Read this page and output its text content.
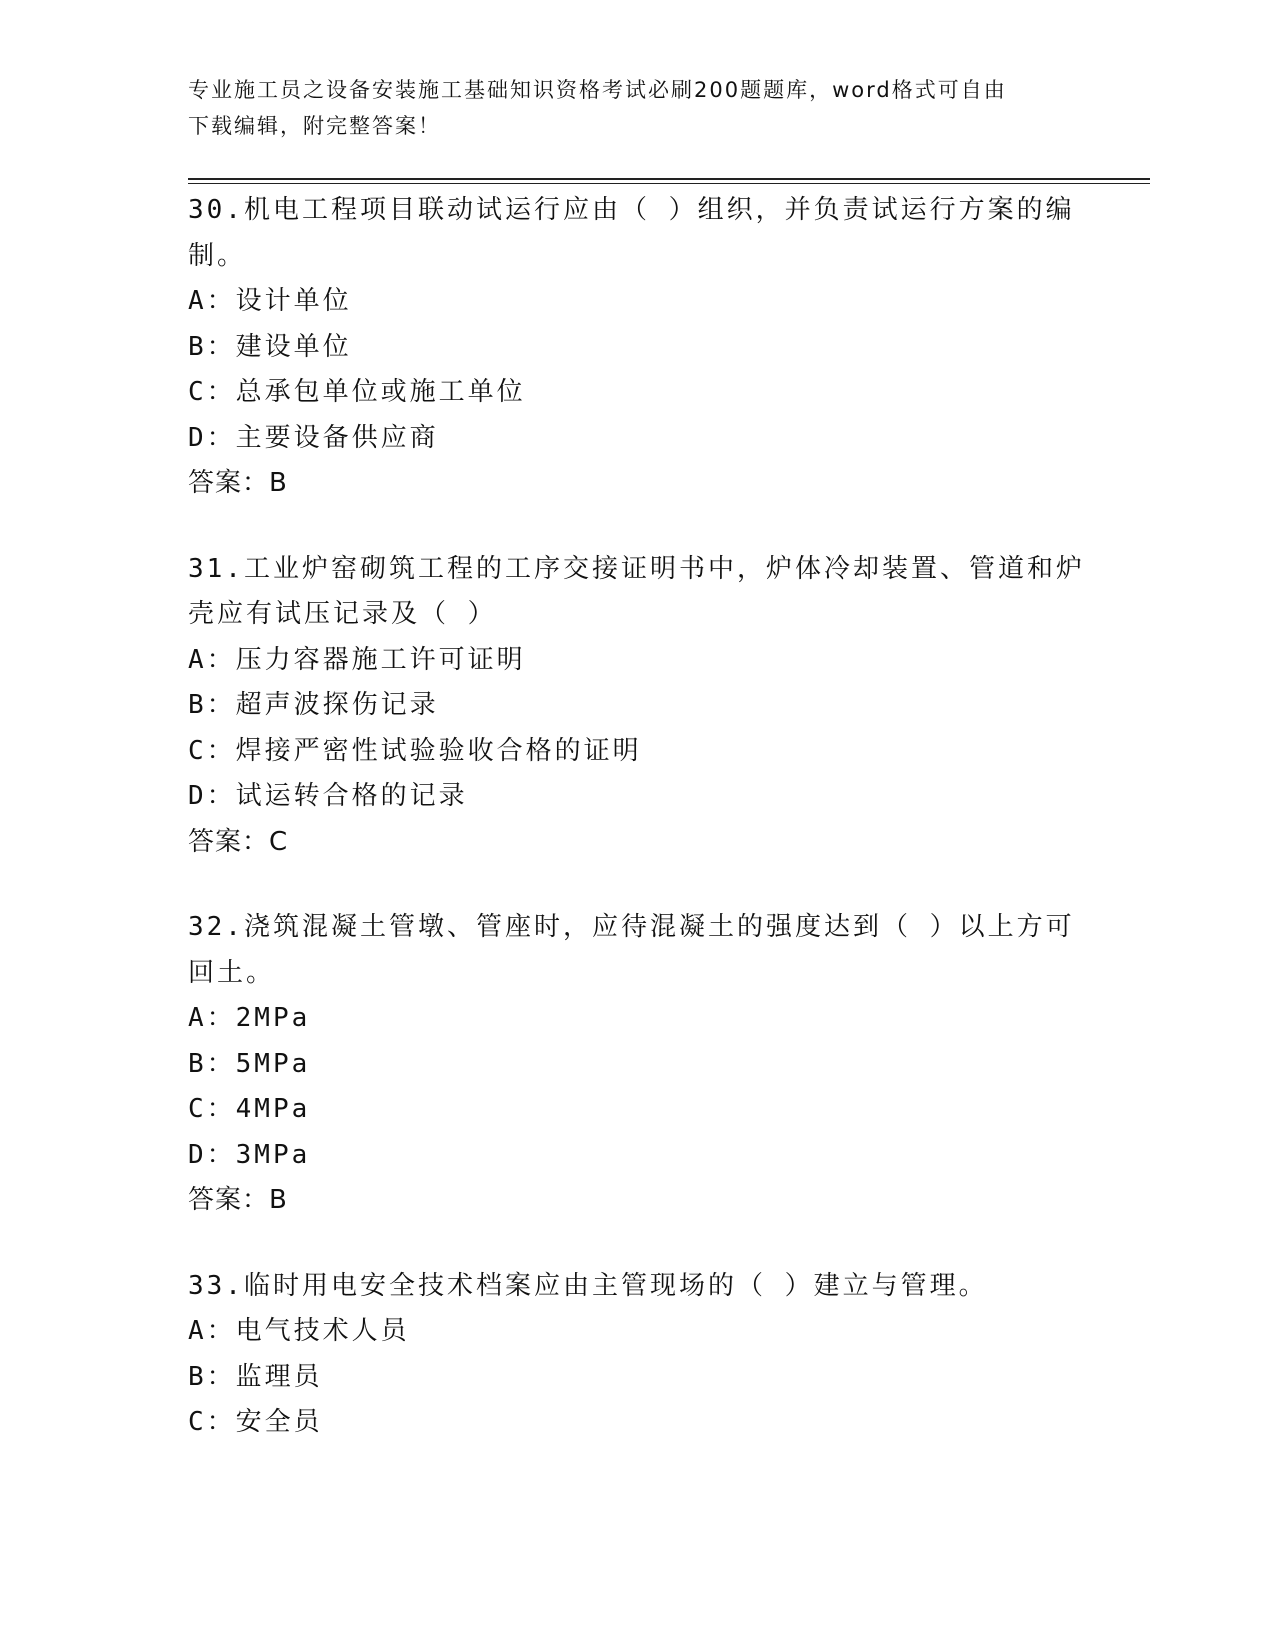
专业施工员之设备安装施工基础知识资格考试必刷200题题库，word格式可自由
下载编辑，附完整答案！
30.机电工程项目联动试运行应由（ ）组织，并负责试运行方案的编
制。
A：设计单位
B：建设单位
C：总承包单位或施工单位
D：主要设备供应商
答案：B
31.工业炉窑砌筑工程的工序交接证明书中，炉体冷却装置、管道和炉
壳应有试压记录及（ ）
A：压力容器施工许可证明
B：超声波探伤记录
C：焊接严密性试验验收合格的证明
D：试运转合格的记录
答案：C
32.浇筑混凝土管墩、管座时，应待混凝土的强度达到（ ）以上方可
回土。
A：2MPa
B：5MPa
C：4MPa
D：3MPa
答案：B
33.临时用电安全技术档案应由主管现场的（ ）建立与管理。
A：电气技术人员
B：监理员
C：安全员
